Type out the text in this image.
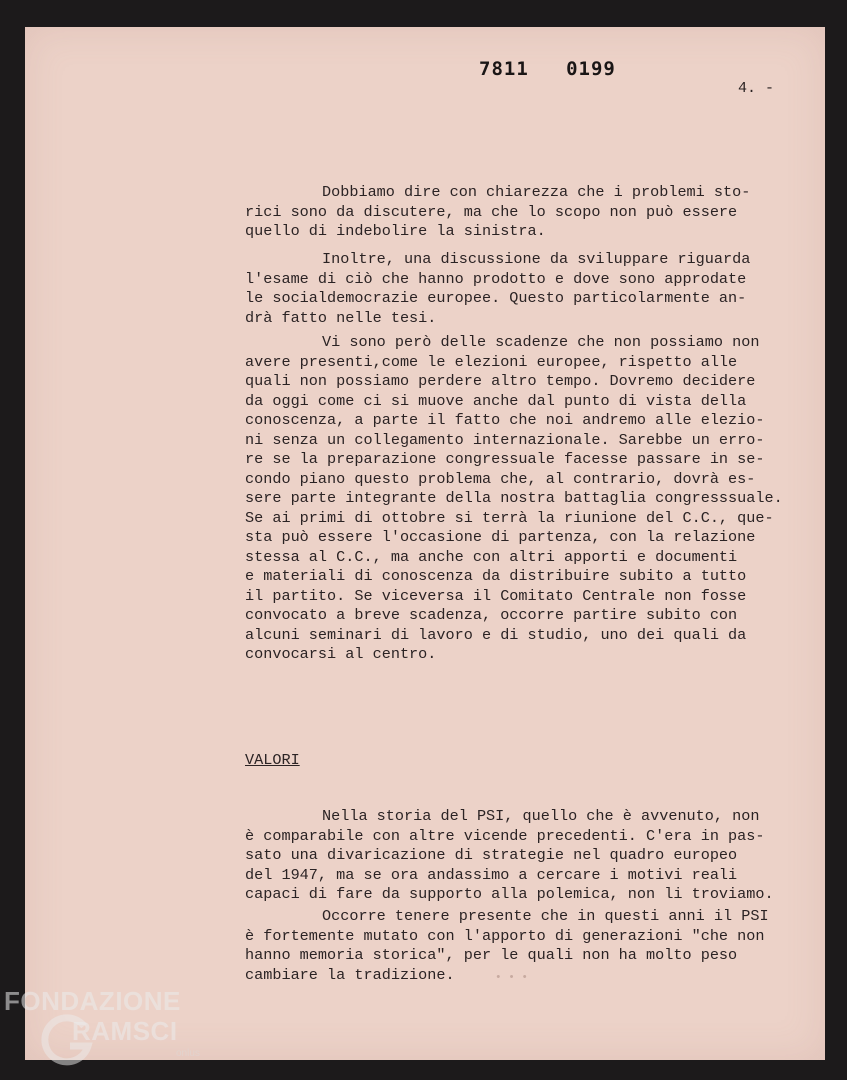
7811 0199
4. -
Dobbiamo dire con chiarezza che i problemi sto-
rici sono da discutere, ma che lo scopo non può essere
quello di indebolire la sinistra.
Inoltre, una discussione da sviluppare riguarda
l'esame di ciò che hanno prodotto e dove sono approdate
le socialdemocrazie europee. Questo particolarmente an-
drà fatto nelle tesi.
Vi sono però delle scadenze che non possiamo non
avere presenti,come le elezioni europee, rispetto alle
quali non possiamo perdere altro tempo. Dovremo decidere
da oggi come ci si muove anche dal punto di vista della
conoscenza, a parte il fatto che noi andremo alle elezio-
ni senza un collegamento internazionale. Sarebbe un erro-
re se la preparazione congressuale facesse passare in se-
condo piano questo problema che, al contrario, dovrà es-
sere parte integrante della nostra battaglia congresssuale.
Se ai primi di ottobre si terrà la riunione del C.C., que-
sta può essere l'occasione di partenza, con la relazione
stessa al C.C., ma anche con altri apporti e documenti
e materiali di conoscenza da distribuire subito a tutto
il partito. Se viceversa il Comitato Centrale non fosse
convocato a breve scadenza, occorre partire subito con
alcuni seminari di lavoro e di studio, uno dei quali da
convocarsi al centro.
VALORI
Nella storia del PSI, quello che è avvenuto, non
è comparabile con altre vicende precedenti. C'era in pas-
sato una divaricazione di strategie nel quadro europeo
del 1947, ma se ora andassimo a cercare i motivi reali
capaci di fare da supporto alla polemica, non li troviamo.
Occorre tenere presente che in questi anni il PSI
è fortemente mutato con l'apporto di generazioni "che non
hanno memoria storica", per le quali non ha molto peso
cambiare la tradizione.	• • •
FONDAZIONE
RAMSCI
onlus
